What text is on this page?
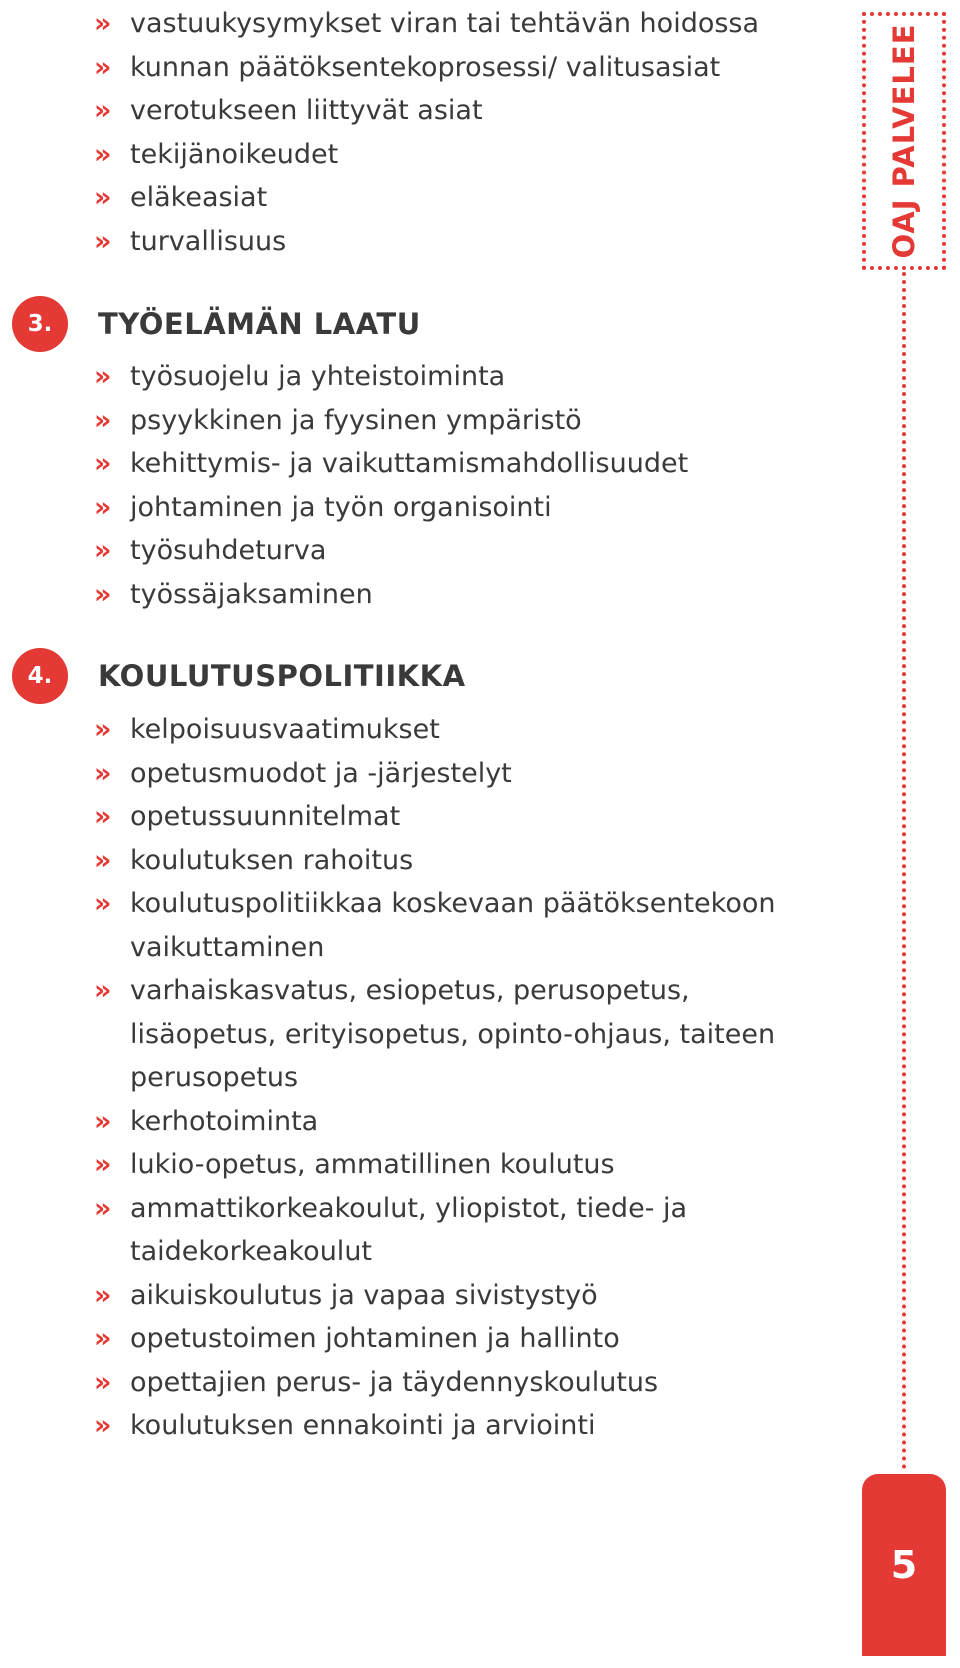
» vastuukysymykset viran tai tehtävän hoidossa
» kunnan päätöksentekoprosessi/ valitusasiat
» verotukseen liittyvät asiat
» tekijänoikeudet
» eläkeasiat
» turvallisuus
3.	TYÖELÄMÄN LAATU
» työsuojelu ja yhteistoiminta
» psyykkinen ja fyysinen ympäristö
» kehittymis- ja vaikuttamismahdollisuudet
» johtaminen ja työn organisointi
» työsuhdeturva
» työssäjaksaminen
4.	KOULUTUSPOLITIIKKA
» kelpoisuusvaatimukset
» opetusmuodot ja -järjestelyt
» opetussuunnitelmat
» koulutuksen rahoitus
» koulutuspolitiikkaa koskevaan päätöksentekoon vaikuttaminen
» varhaiskasvatus, esiopetus, perusopetus, lisäopetus, erityisopetus, opinto-ohjaus, taiteen perusopetus
» kerhotoiminta
» lukio-opetus, ammatillinen koulutus
» ammattikorkeakoulut, yliopistot, tiede- ja taidekorkeakoulut
» aikuiskoulutus ja vapaa sivistystyö
» opetustoimen johtaminen ja hallinto
» opettajien perus- ja täydennyskoulutus
» koulutuksen ennakointi ja arviointi
OAJ PALVELEE
5
